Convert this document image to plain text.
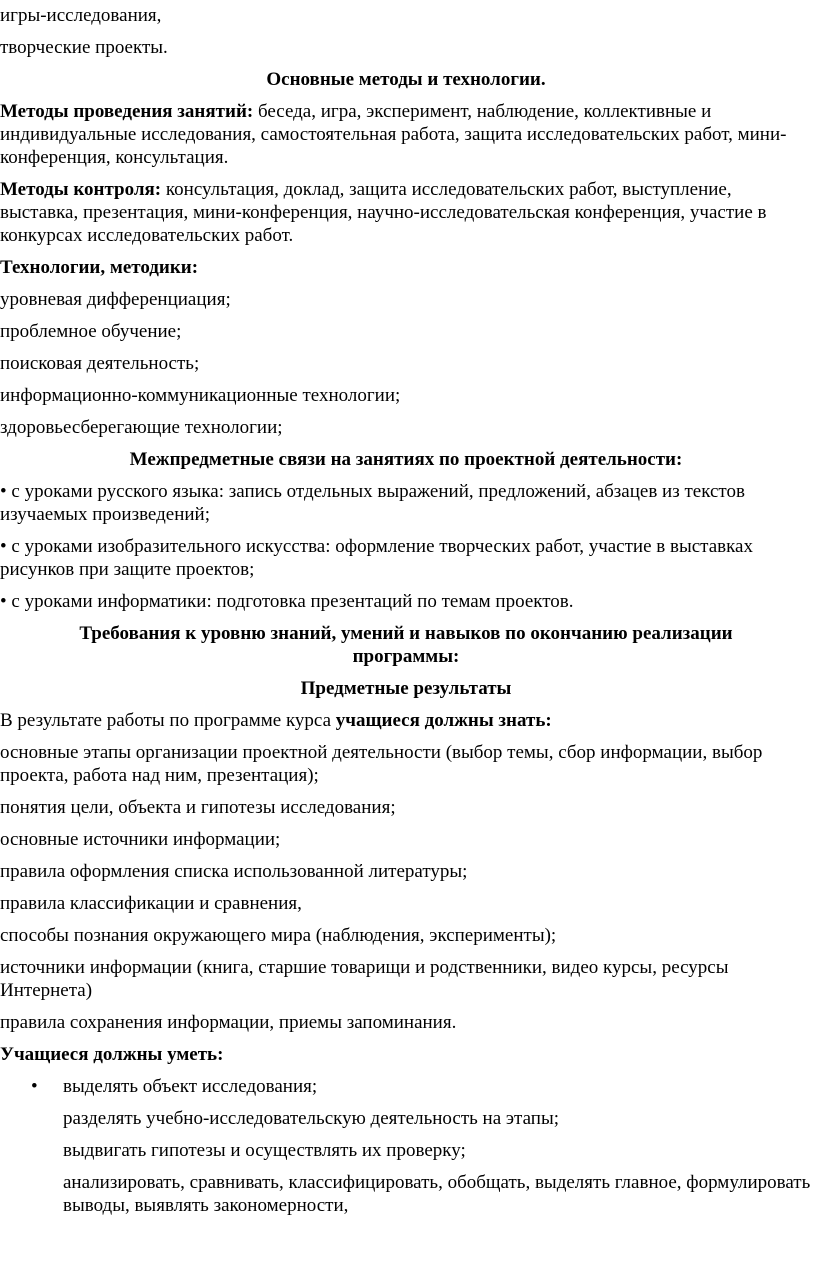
игры-исследования,

творческие проекты.

Основные методы и технологии.

Методы проведения занятий: беседа, игра, эксперимент, наблюдение, коллективные и индивидуальные исследования, самостоятельная работа, защита исследовательских работ, мини-конференция, консультация.

Методы контроля: консультация, доклад, защита исследовательских работ, выступление, выставка, презентация, мини-конференция, научно-исследовательская конференция, участие в конкурсах исследовательских работ.

Технологии, методики:

уровневая дифференциация;

проблемное обучение;

поисковая деятельность;

информационно-коммуникационные технологии;

здоровьесберегающие технологии;

Межпредметные связи на занятиях по проектной деятельности:

• с уроками русского языка: запись отдельных выражений, предложений, абзацев из текстов изучаемых произведений;

• с уроками изобразительного искусства: оформление творческих работ, участие в выставках рисунков при защите проектов;

• с уроками информатики: подготовка презентаций по темам проектов.

Требования к уровню знаний, умений и навыков по окончанию реализации программы:

Предметные результаты

В результате работы по программе курса учащиеся должны знать:

основные этапы организации проектной деятельности (выбор темы, сбор информации, выбор проекта, работа над ним, презентация);

понятия цели, объекта и гипотезы исследования;

основные источники информации;

правила оформления списка использованной литературы;

правила классификации и сравнения,

способы познания окружающего мира (наблюдения, эксперименты);

источники информации (книга, старшие товарищи и родственники, видео курсы, ресурсы Интернета)

правила сохранения информации, приемы запоминания.

Учащиеся должны уметь:

• выделять объект исследования;

разделять учебно-исследовательскую деятельность на этапы;

выдвигать гипотезы и осуществлять их проверку;

анализировать, сравнивать, классифицировать, обобщать, выделять главное, формулировать выводы, выявлять закономерности,
